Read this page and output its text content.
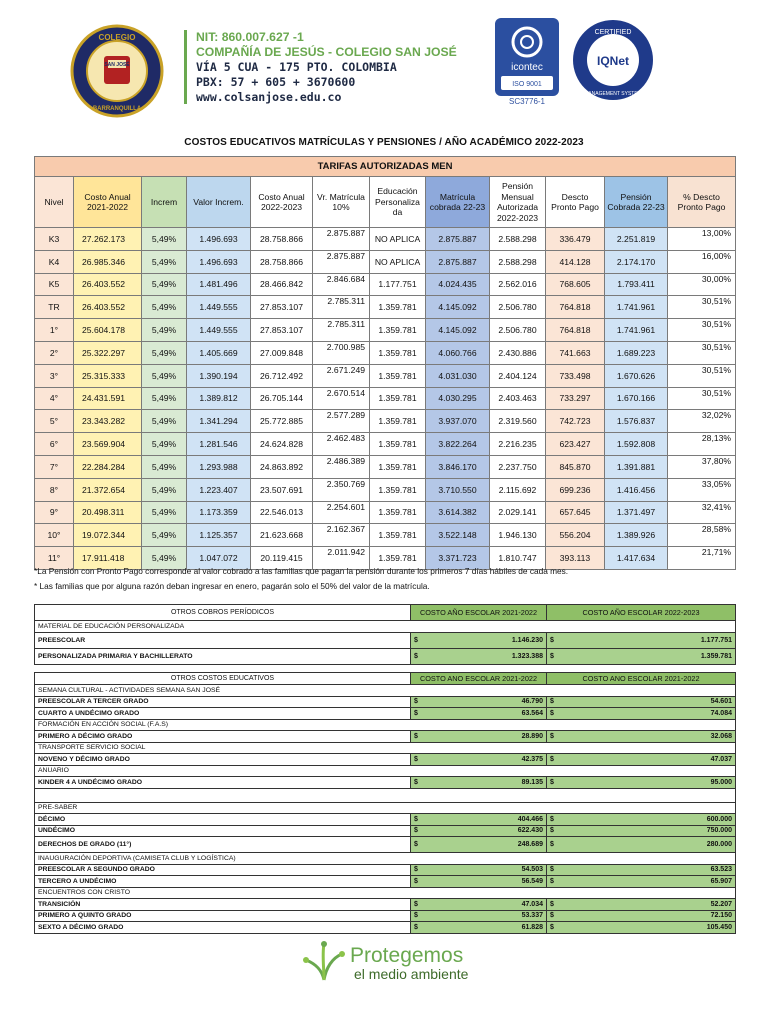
COLEGIO
SAN JOSÉ
BARRANQUILLA
NIT: 860.007.627 -1
COMPAÑÍA DE JESÚS - COLEGIO SAN JOSÉ
VÍA 5 CUA - 175 PTO. COLOMBIA
PBX: 57 + 605 + 3670600
www.colsanjose.edu.co
icontec
ISO 9001
SC3776-1
CERTIFIED
IQNet
MANAGEMENT SYSTEM
COSTOS EDUCATIVOS MATRÍCULAS Y PENSIONES / AÑO ACADÉMICO 2022-2023
TARIFAS AUTORIZADAS MEN											
Nivel	Costo Anual 2021-2022	Increm	Valor Increm.	Costo Anual 2022-2023	Vr. Matrícula 10%	Educación Personaliza da	Matrícula cobrada 22-23	Pensión Mensual Autorizada 2022-2023	Descto Pronto Pago	Pensión Cobrada 22-23	% Descto Pronto Pago
K3	27.262.173	5,49%	1.496.693	28.758.866	2.875.887	NO APLICA	2.875.887	2.588.298	336.479	2.251.819	13,00%
K4	26.985.346	5,49%	1.496.693	28.758.866	2.875.887	NO APLICA	2.875.887	2.588.298	414.128	2.174.170	16,00%
K5	26.403.552	5,49%	1.481.496	28.466.842	2.846.684	1.177.751	4.024.435	2.562.016	768.605	1.793.411	30,00%
TR	26.403.552	5,49%	1.449.555	27.853.107	2.785.311	1.359.781	4.145.092	2.506.780	764.818	1.741.961	30,51%
1°	25.604.178	5,49%	1.449.555	27.853.107	2.785.311	1.359.781	4.145.092	2.506.780	764.818	1.741.961	30,51%
2°	25.322.297	5,49%	1.405.669	27.009.848	2.700.985	1.359.781	4.060.766	2.430.886	741.663	1.689.223	30,51%
3°	25.315.333	5,49%	1.390.194	26.712.492	2.671.249	1.359.781	4.031.030	2.404.124	733.498	1.670.626	30,51%
4°	24.431.591	5,49%	1.389.812	26.705.144	2.670.514	1.359.781	4.030.295	2.403.463	733.297	1.670.166	30,51%
5°	23.343.282	5,49%	1.341.294	25.772.885	2.577.289	1.359.781	3.937.070	2.319.560	742.723	1.576.837	32,02%
6°	23.569.904	5,49%	1.281.546	24.624.828	2.462.483	1.359.781	3.822.264	2.216.235	623.427	1.592.808	28,13%
7°	22.284.284	5,49%	1.293.988	24.863.892	2.486.389	1.359.781	3.846.170	2.237.750	845.870	1.391.881	37,80%
8°	21.372.654	5,49%	1.223.407	23.507.691	2.350.769	1.359.781	3.710.550	2.115.692	699.236	1.416.456	33,05%
9°	20.498.311	5,49%	1.173.359	22.546.013	2.254.601	1.359.781	3.614.382	2.029.141	657.645	1.371.497	32,41%
10°	19.072.344	5,49%	1.125.357	21.623.668	2.162.367	1.359.781	3.522.148	1.946.130	556.204	1.389.926	28,58%
11°	17.911.418	5,49%	1.047.072	20.119.415	2.011.942	1.359.781	3.371.723	1.810.747	393.113	1.417.634	21,71%
*La Pensión con Pronto Pago corresponde al valor cobrado a las familias que pagan la pensión durante los primeros 7 días hábiles de cada mes.
* Las familias que por alguna razón deban ingresar en enero, pagarán solo el 50% del valor de la matrícula.
OTROS COBROS PERÍODICOS	COSTO AÑO ESCOLAR 2021-2022	COSTO AÑO ESCOLAR 2022-2023
MATERIAL DE EDUCACIÓN PERSONALIZADA		
PREESCOLAR	$ 1.146.230	$ 1.177.751

PERSONALIZADA PRIMARIA Y BACHILLERATO	$ 1.323.388	$ 1.359.781
OTROS COSTOS EDUCATIVOS	COSTO ANO ESCOLAR 2021-2022	COSTO ANO ESCOLAR 2021-2022
SEMANA CULTURAL - ACTIVIDADES SEMANA SAN JOSÉ		
PREESCOLAR A TERCER GRADO	$ 46.790	$ 54.601

CUARTO A UNDÉCIMO GRADO	$ 63.564	$ 74.084

FORMACIÓN EN ACCIÓN SOCIAL (F.A.S)		
PRIMERO A DÉCIMO GRADO	$ 28.890	$ 32.068

TRANSPORTE SERVICIO SOCIAL		
NOVENO Y DÉCIMO GRADO	$ 42.375	$ 47.037

ANUARIO		
KINDER 4 A UNDÉCIMO GRADO	$ 89.135	$ 95.000

PRE-SABER		
DÉCIMO	$ 404.466	$ 600.000

UNDÉCIMO	$ 622.430	$ 750.000

DERECHOS DE GRADO (11°)	$ 248.689	$ 280.000

INAUGURACIÓN DEPORTIVA (CAMISETA CLUB Y LOGÍSTICA)		
PREESCOLAR A SEGUNDO GRADO	$ 54.503	$ 63.523

TERCERO A UNDÉCIMO	$ 56.549	$ 65.907

ENCUENTROS CON CRISTO		
TRANSICIÓN	$ 47.034	$ 52.207

PRIMERO A QUINTO GRADO	$ 53.337	$ 72.150

SEXTO A DÉCIMO GRADO	$ 61.828	$ 105.450
Protegemos
el medio ambiente
